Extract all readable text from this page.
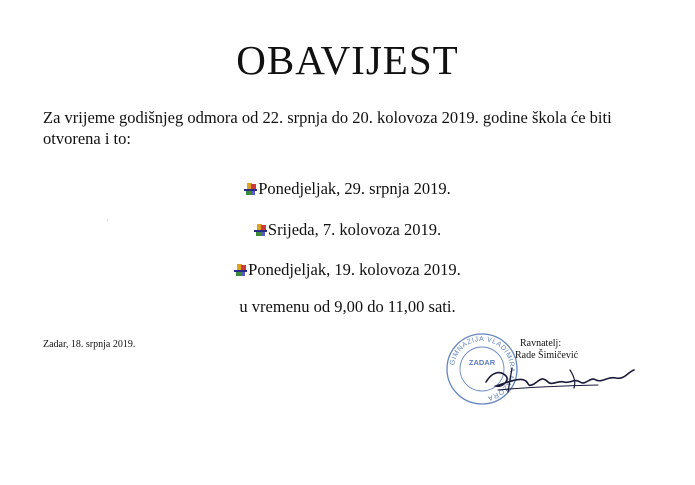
OBAVIJEST

Za vrijeme godišnjeg odmora od 22. srpnja do 20. kolovoza 2019. godine škola će biti otvorena i to:

Ponedjeljak, 29. srpnja 2019.

Srijeda, 7. kolovoza 2019.

Ponedjeljak, 19. kolovoza 2019.

u vremenu od 9,00 do 11,00 sati.

Zadar, 18. srpnja 2019.

GIMNAZIJA VLADIMIRA NAZORA
ZADAR
Ravnatelj:
Rade Šimičević
